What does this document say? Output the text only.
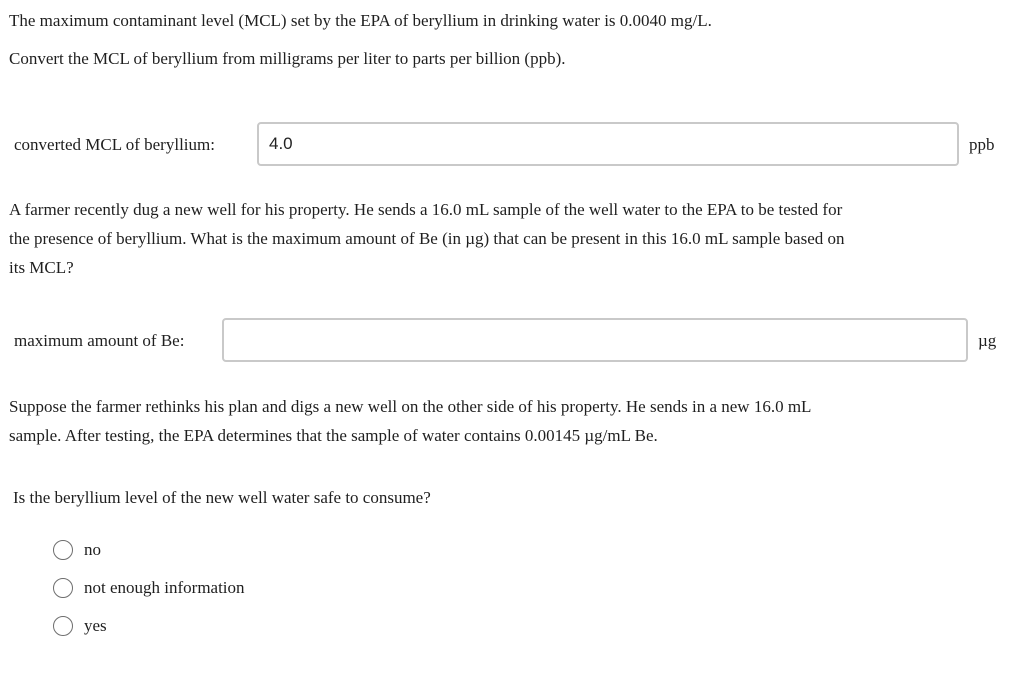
The maximum contaminant level (MCL) set by the EPA of beryllium in drinking water is 0.0040 mg/L.

Convert the MCL of beryllium from milligrams per liter to parts per billion (ppb).

converted MCL of beryllium:
4.0	ppb

A farmer recently dug a new well for his property. He sends a 16.0 mL sample of the well water to the EPA to be tested for

the presence of beryllium. What is the maximum amount of Be (in µg) that can be present in this 16.0 mL sample based on

its MCL?

maximum amount of Be:	µg

Suppose the farmer rethinks his plan and digs a new well on the other side of his property. He sends in a new 16.0 mL

sample. After testing, the EPA determines that the sample of water contains 0.00145 µg/mL Be.

Is the beryllium level of the new well water safe to consume?

no
not enough information
yes
